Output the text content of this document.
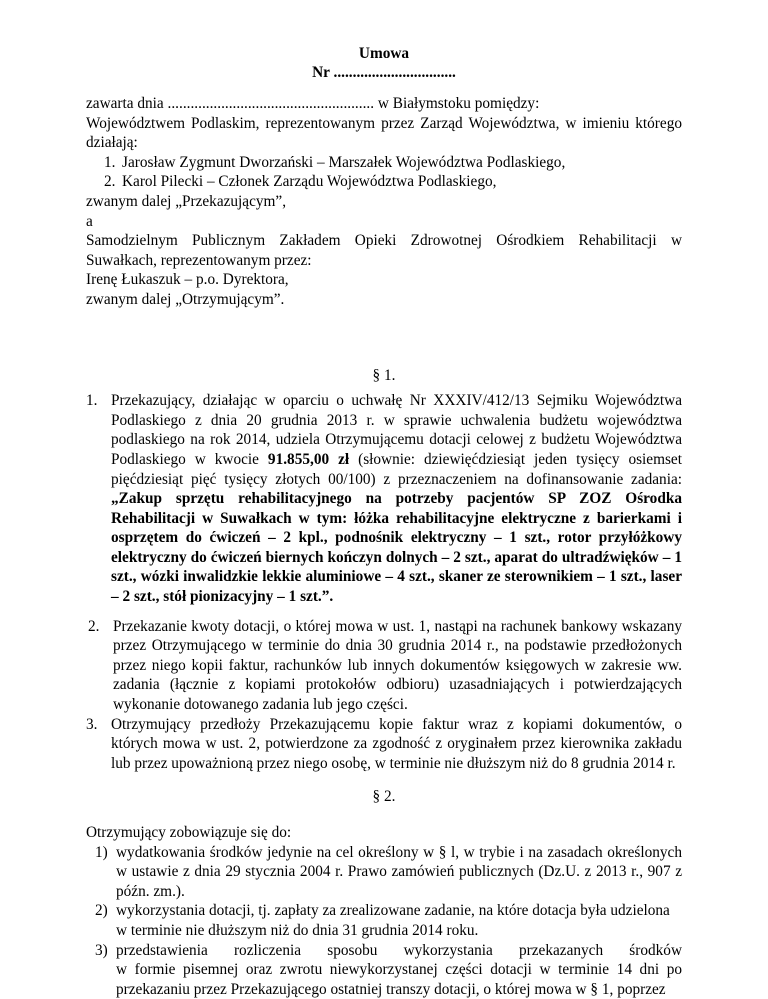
Umowa

Nr ................................

zawarta dnia ...................................................... w Białymstoku pomiędzy:

Województwem Podlaskim, reprezentowanym przez Zarząd Województwa, w imieniu którego działają:

1. Jarosław Zygmunt Dworzański – Marszałek Województwa Podlaskiego,
2. Karol Pilecki – Członek Zarządu Województwa Podlaskiego,

zwanym dalej „Przekazującym”,

a

Samodzielnym Publicznym Zakładem Opieki Zdrowotnej Ośrodkiem Rehabilitacji w Suwałkach, reprezentowanym przez:

Irenę Łukaszuk – p.o. Dyrektora,

zwanym dalej „Otrzymującym”.

§ 1.

1. Przekazujący, działając w oparciu o uchwałę Nr XXXIV/412/13 Sejmiku Województwa Podlaskiego z dnia 20 grudnia 2013 r. w sprawie uchwalenia budżetu województwa podlaskiego na rok 2014, udziela Otrzymującemu dotacji celowej z budżetu Województwa Podlaskiego w kwocie 91.855,00 zł (słownie: dziewięćdziesiąt jeden tysięcy osiemset pięćdziesiąt pięć tysięcy złotych 00/100) z przeznaczeniem na dofinansowanie zadania: „Zakup sprzętu rehabilitacyjnego na potrzeby pacjentów SP ZOZ Ośrodka Rehabilitacji w Suwałkach w tym: łóżka rehabilitacyjne elektryczne z barierkami i osprzętem do ćwiczeń – 2 kpl., podnośnik elektryczny – 1 szt., rotor przyłóżkowy elektryczny do ćwiczeń biernych kończyn dolnych – 2 szt., aparat do ultradźwięków – 1 szt., wózki inwalidzkie lekkie aluminiowe – 4 szt., skaner ze sterownikiem – 1 szt., laser – 2 szt., stół pionizacyjny – 1 szt.”.
2. Przekazanie kwoty dotacji, o której mowa w ust. 1, nastąpi na rachunek bankowy wskazany przez Otrzymującego w terminie do dnia 30 grudnia 2014 r., na podstawie przedłożonych przez niego kopii faktur, rachunków lub innych dokumentów księgowych w zakresie ww. zadania (łącznie z kopiami protokołów odbioru) uzasadniających i potwierdzających wykonanie dotowanego zadania lub jego części.
3. Otrzymujący przedłoży Przekazującemu kopie faktur wraz z kopiami dokumentów, o których mowa w ust. 2, potwierdzone za zgodność z oryginałem przez kierownika zakładu lub przez upoważnioną przez niego osobę, w terminie nie dłuższym niż do 8 grudnia 2014 r.

§ 2.

Otrzymujący zobowiązuje się do:

1) wydatkowania środków jedynie na cel określony w § l, w trybie i na zasadach określonych w ustawie z dnia 29 stycznia 2004 r. Prawo zamówień publicznych (Dz.U. z 2013 r., 907 z późn. zm.).
2) wykorzystania dotacji, tj. zapłaty za zrealizowane zadanie, na które dotacja była udzielona
w terminie nie dłuższym niż do dnia 31 grudnia 2014 roku.
3) przedstawienia rozliczenia sposobu wykorzystania przekazanych środków
w formie pisemnej oraz zwrotu niewykorzystanej części dotacji w terminie 14 dni po przekazaniu przez Przekazującego ostatniej transzy dotacji, o której mowa w § 1, poprzez
